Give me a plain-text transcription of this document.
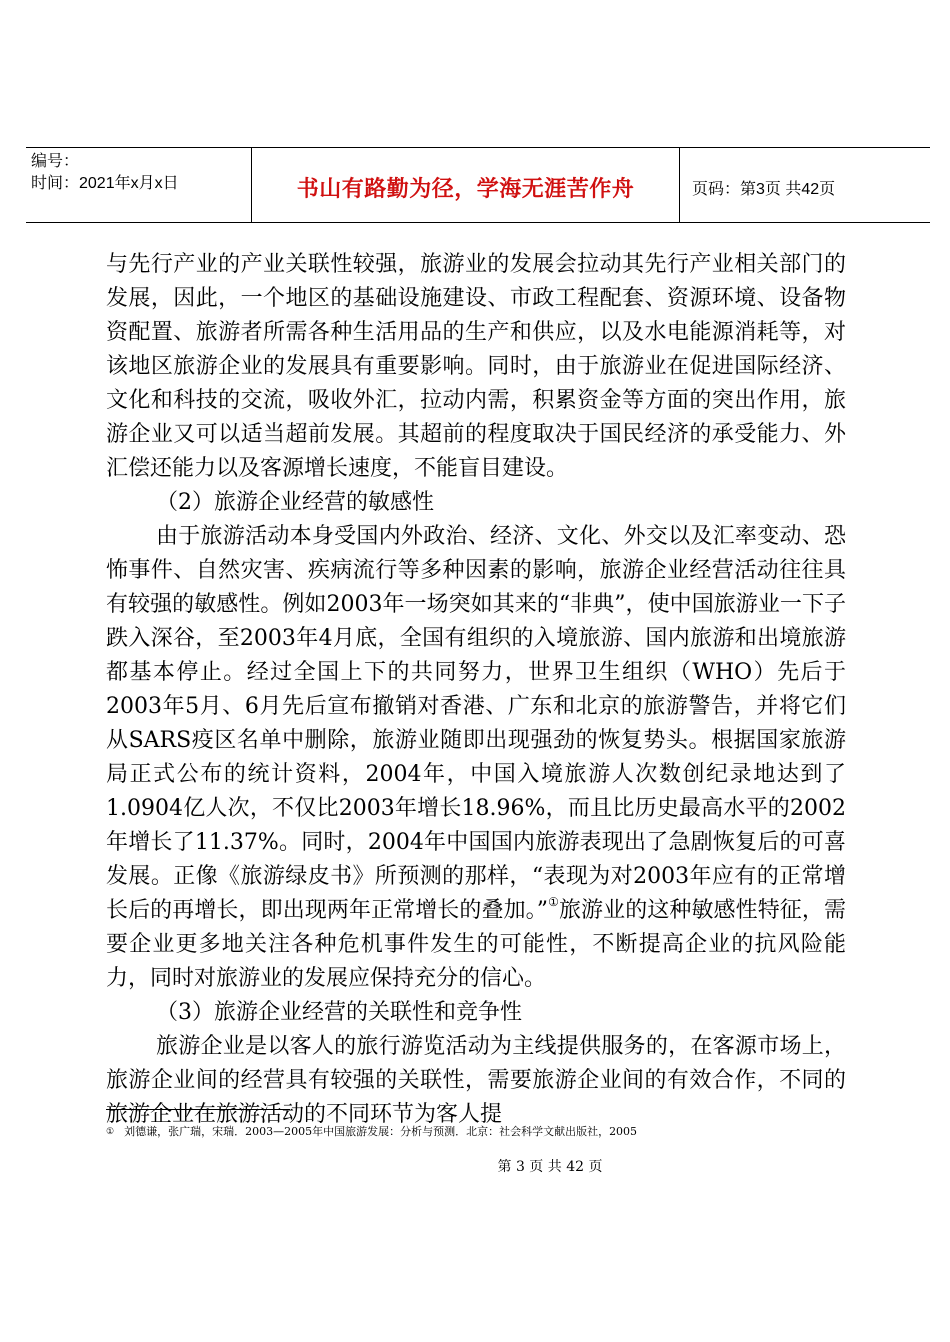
编号：
时间：2021年x月x日	书山有路勤为径，学海无涯苦作舟	页码：第3页 共42页

与先行产业的产业关联性较强，旅游业的发展会拉动其先行产业相关部门的发展，因此，一个地区的基础设施建设、市政工程配套、资源环境、设备物资配置、旅游者所需各种生活用品的生产和供应，以及水电能源消耗等，对该地区旅游企业的发展具有重要影响。同时，由于旅游业在促进国际经济、文化和科技的交流，吸收外汇，拉动内需，积累资金等方面的突出作用，旅游企业又可以适当超前发展。其超前的程度取决于国民经济的承受能力、外汇偿还能力以及客源增长速度，不能盲目建设。

（2）旅游企业经营的敏感性

由于旅游活动本身受国内外政治、经济、文化、外交以及汇率变动、恐怖事件、自然灾害、疾病流行等多种因素的影响，旅游企业经营活动往往具有较强的敏感性。例如2003年一场突如其来的“非典”，使中国旅游业一下子跌入深谷，至2003年4月底，全国有组织的入境旅游、国内旅游和出境旅游都基本停止。经过全国上下的共同努力，世界卫生组织（WHO）先后于2003年5月、6月先后宣布撤销对香港、广东和北京的旅游警告，并将它们从SARS疫区名单中删除，旅游业随即出现强劲的恢复势头。根据国家旅游局正式公布的统计资料，2004年，中国入境旅游人次数创纪录地达到了1.0904亿人次，不仅比2003年增长18.96%，而且比历史最高水平的2002年增长了11.37%。同时，2004年中国国内旅游表现出了急剧恢复后的可喜发展。正像《旅游绿皮书》所预测的那样，“表现为对2003年应有的正常增长后的再增长，即出现两年正常增长的叠加。”①旅游业的这种敏感性特征，需要企业更多地关注各种危机事件发生的可能性，不断提高企业的抗风险能力，同时对旅游业的发展应保持充分的信心。

（3）旅游企业经营的关联性和竞争性

旅游企业是以客人的旅行游览活动为主线提供服务的，在客源市场上，旅游企业间的经营具有较强的关联性，需要旅游企业间的有效合作，不同的旅游企业在旅游活动的不同环节为客人提

① 刘德谦，张广瑞，宋瑞．2003—2005年中国旅游发展：分析与预测．北京：社会科学文献出版社，2005
第 3 页 共 42 页
